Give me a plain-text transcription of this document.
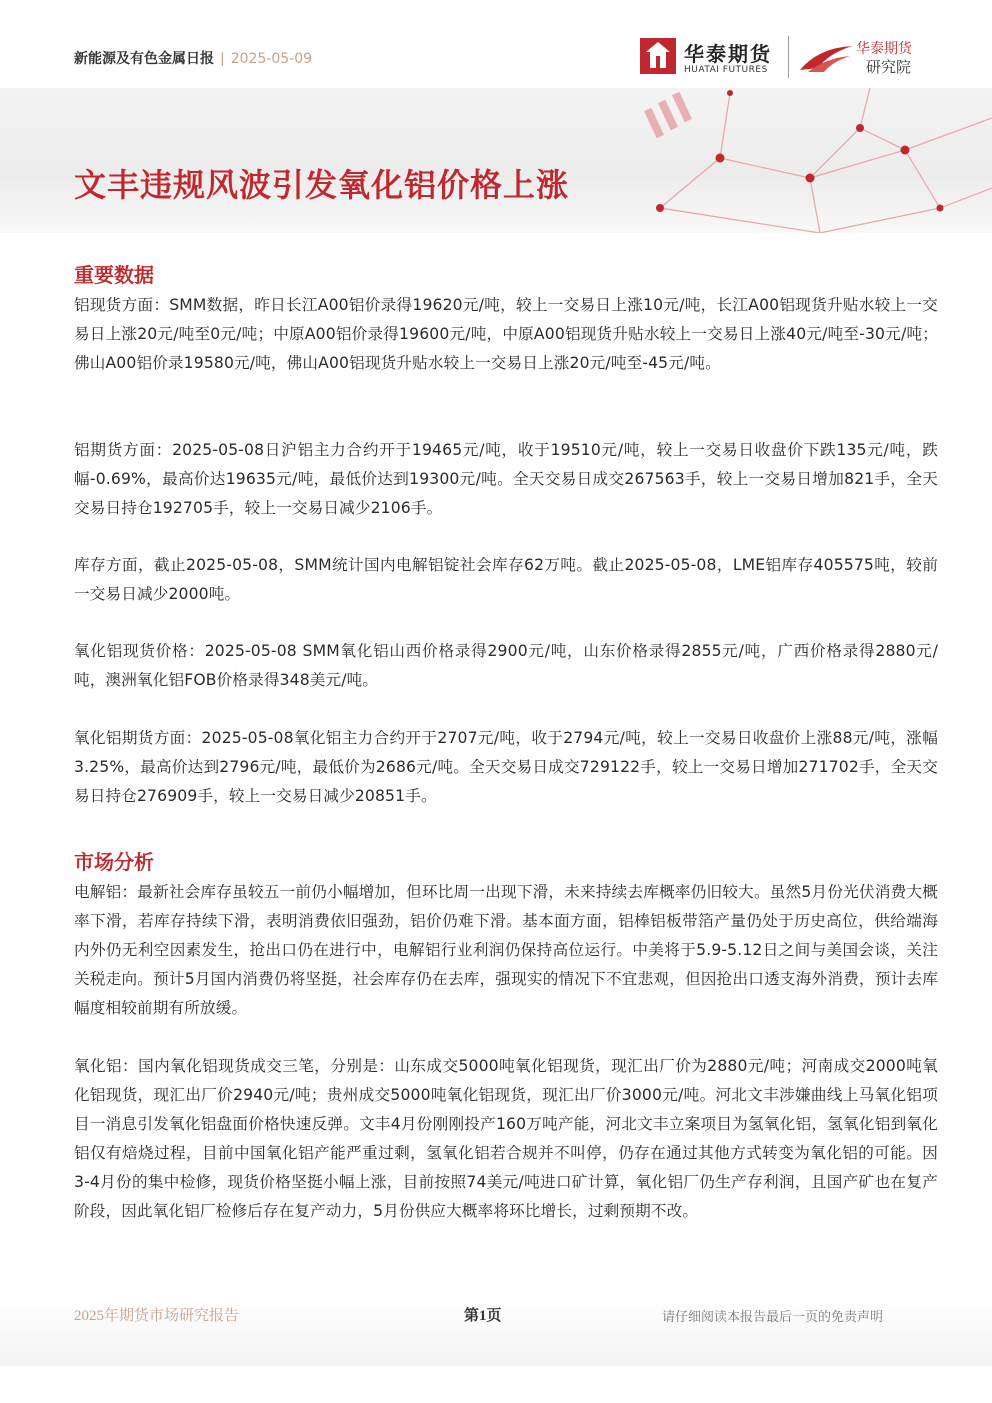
新能源及有色金属日报 | 2025-05-09	华泰期货
HUATAI FUTURES
华泰期货
研究院
文丰违规风波引发氧化铝价格上涨
重要数据
铝现货方面：SMM数据，昨日长江A00铝价录得19620元/吨，较上一交易日上涨10元/吨，长江A00铝现货升贴水较上一交易日上涨20元/吨至0元/吨；中原A00铝价录得19600元/吨，中原A00铝现货升贴水较上一交易日上涨40元/吨至-30元/吨；佛山A00铝价录19580元/吨，佛山A00铝现货升贴水较上一交易日上涨20元/吨至-45元/吨。
铝期货方面：2025-05-08日沪铝主力合约开于19465元/吨，收于19510元/吨，较上一交易日收盘价下跌135元/吨，跌幅-0.69%，最高价达19635元/吨，最低价达到19300元/吨。全天交易日成交267563手，较上一交易日增加821手，全天交易日持仓192705手，较上一交易日减少2106手。
库存方面，截止2025-05-08，SMM统计国内电解铝锭社会库存62万吨。截止2025-05-08，LME铝库存405575吨，较前一交易日减少2000吨。
氧化铝现货价格：2025-05-08 SMM氧化铝山西价格录得2900元/吨，山东价格录得2855元/吨，广西价格录得2880元/吨，澳洲氧化铝FOB价格录得348美元/吨。
氧化铝期货方面：2025-05-08氧化铝主力合约开于2707元/吨，收于2794元/吨，较上一交易日收盘价上涨88元/吨，涨幅3.25%，最高价达到2796元/吨，最低价为2686元/吨。全天交易日成交729122手，较上一交易日增加271702手，全天交易日持仓276909手，较上一交易日减少20851手。
市场分析
电解铝：最新社会库存虽较五一前仍小幅增加，但环比周一出现下滑，未来持续去库概率仍旧较大。虽然5月份光伏消费大概率下滑，若库存持续下滑，表明消费依旧强劲，铝价仍难下滑。基本面方面，铝棒铝板带箔产量仍处于历史高位，供给端海内外仍无利空因素发生，抢出口仍在进行中，电解铝行业利润仍保持高位运行。中美将于5.9-5.12日之间与美国会谈，关注关税走向。预计5月国内消费仍将坚挺，社会库存仍在去库，强现实的情况下不宜悲观，但因抢出口透支海外消费，预计去库幅度相较前期有所放缓。
氧化铝：国内氧化铝现货成交三笔，分别是：山东成交5000吨氧化铝现货，现汇出厂价为2880元/吨；河南成交2000吨氧化铝现货，现汇出厂价2940元/吨；贵州成交5000吨氧化铝现货，现汇出厂价3000元/吨。河北文丰涉嫌曲线上马氧化铝项目一消息引发氧化铝盘面价格快速反弹。文丰4月份刚刚投产160万吨产能，河北文丰立案项目为氢氧化铝，氢氧化铝到氧化铝仅有焙烧过程，目前中国氧化铝产能严重过剩，氢氧化铝若合规并不叫停，仍存在通过其他方式转变为氧化铝的可能。因3-4月份的集中检修，现货价格坚挺小幅上涨，目前按照74美元/吨进口矿计算，氧化铝厂仍生产存利润，且国产矿也在复产阶段，因此氧化铝厂检修后存在复产动力，5月份供应大概率将环比增长，过剩预期不改。
2025年期货市场研究报告	第1页	请仔细阅读本报告最后一页的免责声明
